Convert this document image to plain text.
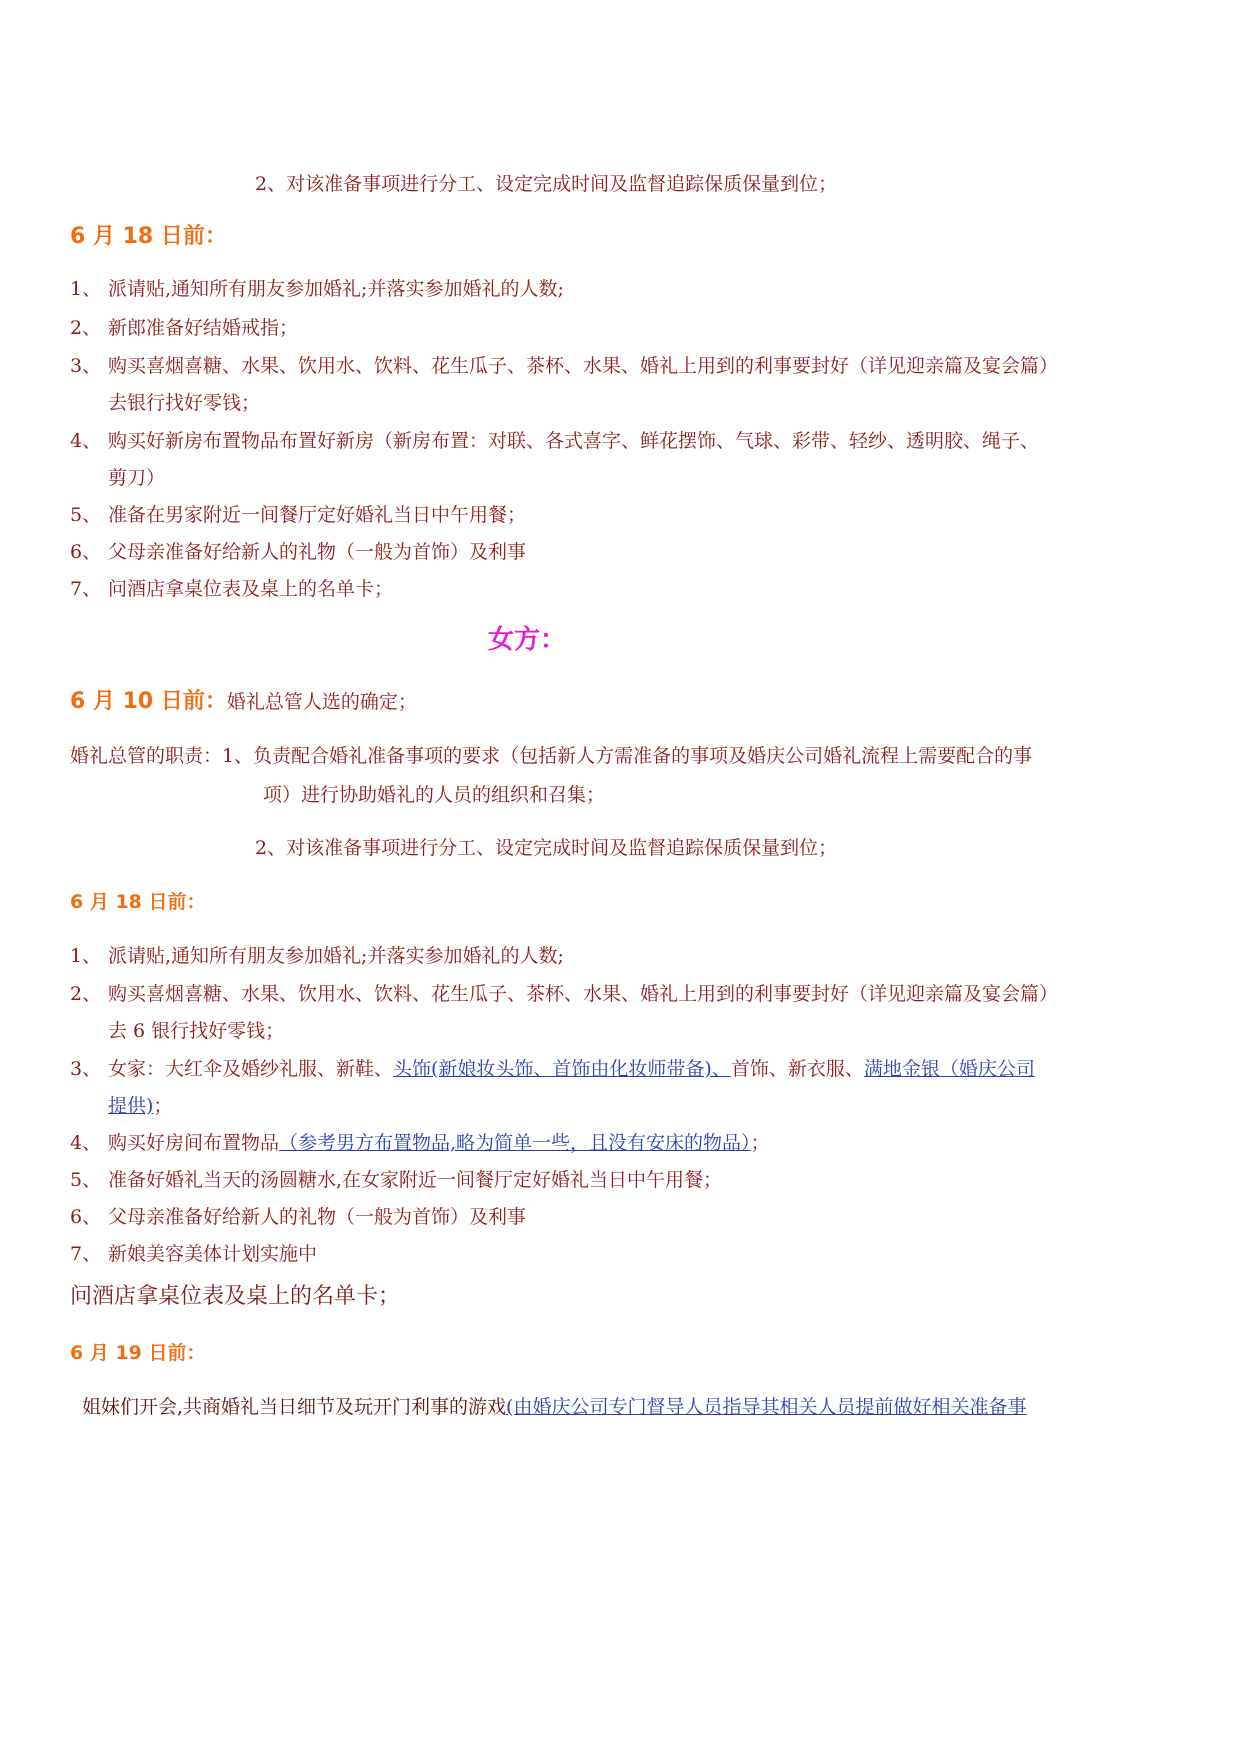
2、对该准备事项进行分工、设定完成时间及监督追踪保质保量到位；
6 月 18 日前：
1、 派请贴,通知所有朋友参加婚礼;并落实参加婚礼的人数;
2、 新郎准备好结婚戒指；
3、 购买喜烟喜糖、水果、饮用水、饮料、花生瓜子、茶杯、水果、婚礼上用到的利事要封好（详见迎亲篇及宴会篇）
去银行找好零钱；
4、 购买好新房布置物品布置好新房（新房布置：对联、各式喜字、鲜花摆饰、气球、彩带、轻纱、透明胶、绳子、
剪刀）
5、 准备在男家附近一间餐厅定好婚礼当日中午用餐；
6、 父母亲准备好给新人的礼物（一般为首饰）及利事
7、 问酒店拿桌位表及桌上的名单卡；
女方：
6 月 10 日前：婚礼总管人选的确定；
婚礼总管的职责：1、负责配合婚礼准备事项的要求（包括新人方需准备的事项及婚庆公司婚礼流程上需要配合的事
项）进行协助婚礼的人员的组织和召集；
2、对该准备事项进行分工、设定完成时间及监督追踪保质保量到位；
6 月 18 日前：
1、 派请贴,通知所有朋友参加婚礼;并落实参加婚礼的人数;
2、 购买喜烟喜糖、水果、饮用水、饮料、花生瓜子、茶杯、水果、婚礼上用到的利事要封好（详见迎亲篇及宴会篇）
去 6 银行找好零钱；
3、 女家：大红伞及婚纱礼服、新鞋、头饰(新娘妆头饰、首饰由化妆师带备)、首饰、新衣服、满地金银（婚庆公司
提供)；
4、 购买好房间布置物品（参考男方布置物品,略为简单一些，且没有安床的物品）；
5、 准备好婚礼当天的汤圆糖水,在女家附近一间餐厅定好婚礼当日中午用餐；
6、 父母亲准备好给新人的礼物（一般为首饰）及利事
7、 新娘美容美体计划实施中
问酒店拿桌位表及桌上的名单卡；
6 月 19 日前：
姐妹们开会,共商婚礼当日细节及玩开门利事的游戏(由婚庆公司专门督导人员指导其相关人员提前做好相关准备事
